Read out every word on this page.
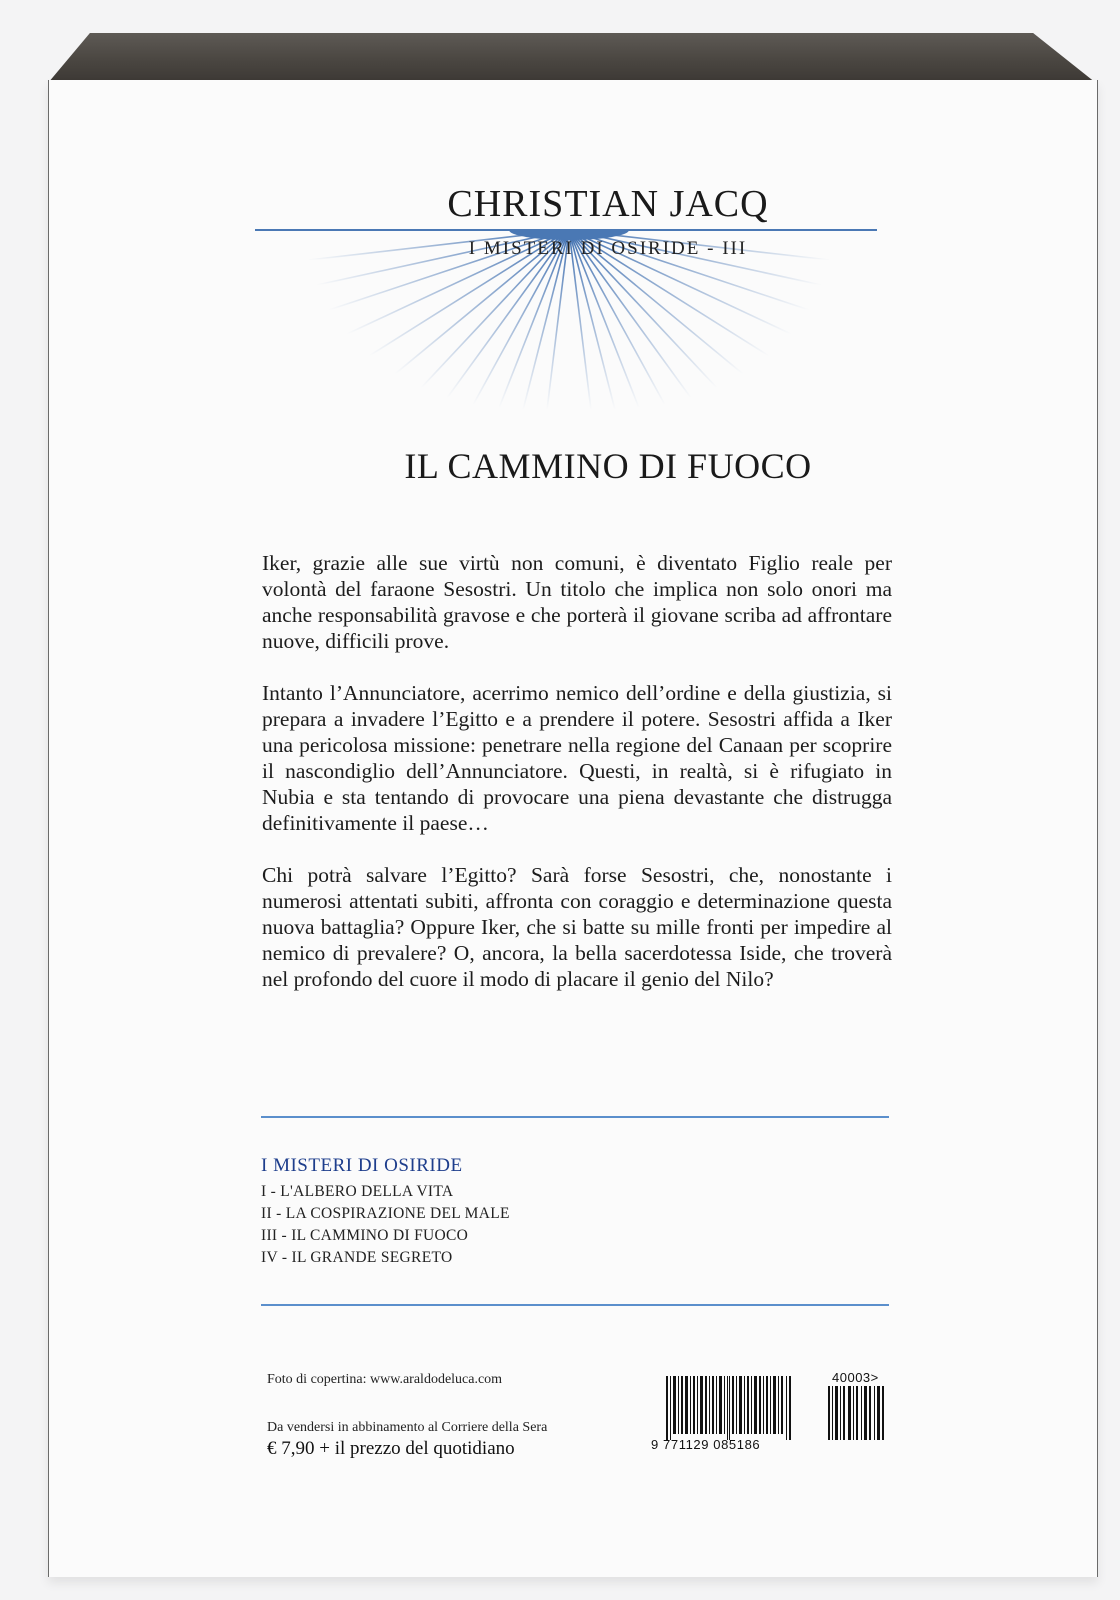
CHRISTIAN JACQ
I MISTERI DI OSIRIDE - III
IL CAMMINO DI FUOCO

Iker, grazie alle sue virtù non comuni, è diventato Figlio reale per volontà del faraone Sesostri. Un titolo che implica non solo onori ma anche responsabilità gravose e che porterà il giovane scriba ad affrontare nuove, difficili prove.

Intanto l’Annunciatore, acerrimo nemico dell’ordine e della giustizia, si prepara a invadere l’Egitto e a prendere il potere. Sesostri affida a Iker una pericolosa missione: penetrare nella regione del Canaan per scoprire il nascondiglio dell’Annunciatore. Questi, in realtà, si è rifugiato in Nubia e sta tentando di provocare una piena devastante che distrugga definitivamente il paese…

Chi potrà salvare l’Egitto? Sarà forse Sesostri, che, nonostante i numerosi attentati subiti, affronta con coraggio e determinazione questa nuova battaglia? Oppure Iker, che si batte su mille fronti per impedire al nemico di prevalere? O, ancora, la bella sacerdotessa Iside, che troverà nel profondo del cuore il modo di placare il genio del Nilo?

I MISTERI DI OSIRIDE
I - L'ALBERO DELLA VITA
II - LA COSPIRAZIONE DEL MALE
III - IL CAMMINO DI FUOCO
IV - IL GRANDE SEGRETO
Foto di copertina: www.araldodeluca.com
Da vendersi in abbinamento al Corriere della Sera
€ 7,90 + il prezzo del quotidiano	9 771129 085186
40003>
